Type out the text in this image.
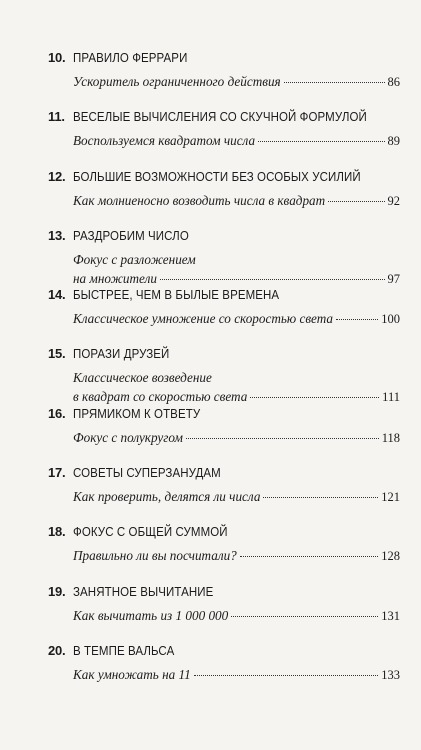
10. ПРАВИЛО ФЕРРАРИ
Ускоритель ограниченного действия	86
11. ВЕСЕЛЫЕ ВЫЧИСЛЕНИЯ СО СКУЧНОЙ ФОРМУЛОЙ
Воспользуемся квадратом числа	89
12. БОЛЬШИЕ ВОЗМОЖНОСТИ БЕЗ ОСОБЫХ УСИЛИЙ
Как молниеносно возводить числа в квадрат	92
13. РАЗДРОБИМ ЧИСЛО
Фокус с разложением
на множители	97
14. БЫСТРЕЕ, ЧЕМ В БЫЛЫЕ ВРЕМЕНА
Классическое умножение со скоростью света	100
15. ПОРАЗИ ДРУЗЕЙ
Классическое возведение
в квадрат со скоростью света	111
16. ПРЯМИКОМ К ОТВЕТУ
Фокус с полукругом	118
17. СОВЕТЫ СУПЕРЗАНУДАМ
Как проверить, делятся ли числа	121
18. ФОКУС С ОБЩЕЙ СУММОЙ
Правильно ли вы посчитали?	128
19. ЗАНЯТНОЕ ВЫЧИТАНИЕ
Как вычитать из 1 000 000	131
20. В ТЕМПЕ ВАЛЬСА
Как умножать на 11	133
